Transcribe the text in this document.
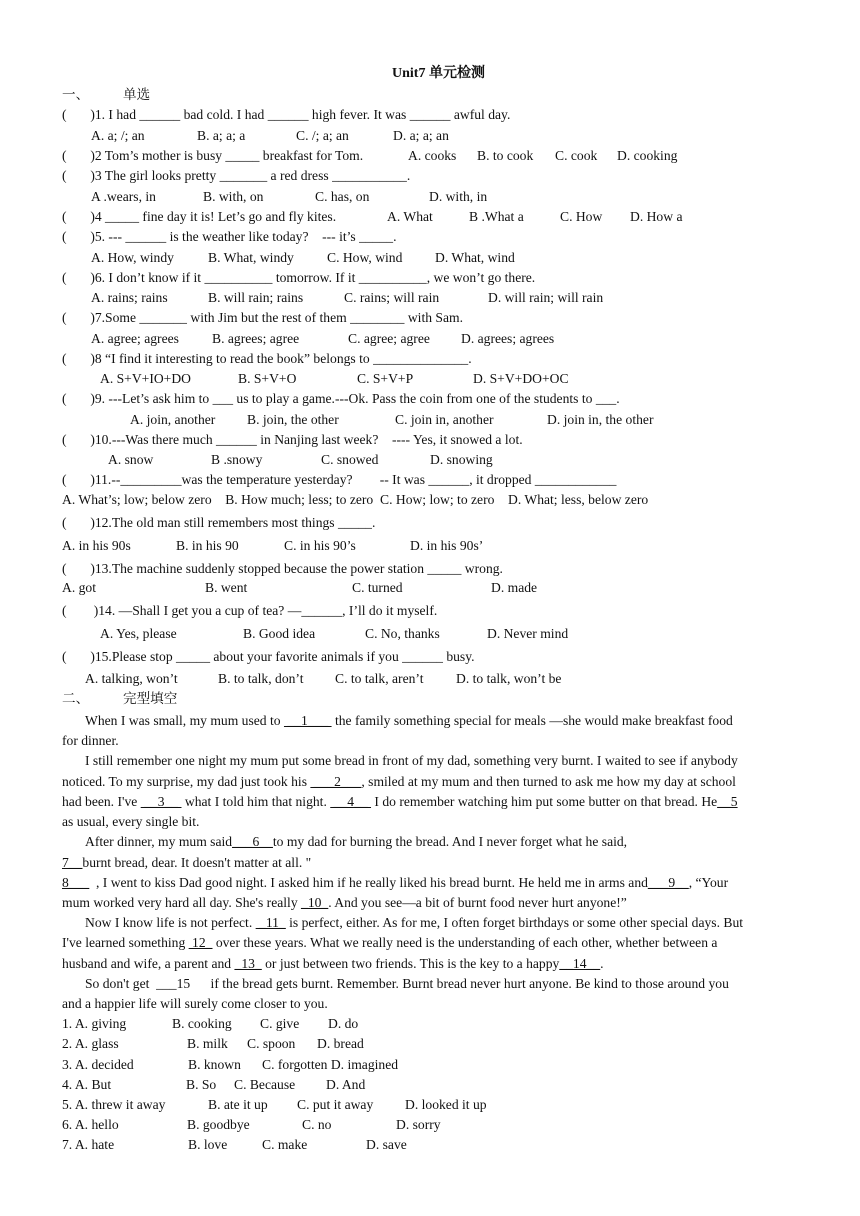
Unit7 单元检测
一、 单选
(       )1. I had ______ bad cold. I had ______ high fever. It was ______ awful day.
A. a; /; an	B. a; a; a	C. /; a; an	D. a; a; an
(       )2 Tom’s mother is busy _____ breakfast for Tom.	A. cooks B. to cook C. cook D. cooking
(       )3 The girl looks pretty _______ a red dress ___________.
A .wears, in	B. with, on	C. has, on	D. with, in
(       )4 _____ fine day it is! Let’s go and fly kites.	A. What	B .What a	C. How D. How a
(       )5. --- ______ is the weather like today?    --- it’s _____.
A. How, windy	B. What, windy C. How, wind D. What, wind
(       )6. I don’t know if it __________ tomorrow. If it __________, we won’t go there.
A. rains; rains	B. will rain; rains	C. rains; will rain	D. will rain; will rain
(       )7.Some _______ with Jim but the rest of them ________ with Sam.
A. agree; agrees B. agrees; agree	C. agree; agree D. agrees; agrees
(       )8 “I find it interesting to read the book” belongs to ______________.
A. S+V+IO+DO	B. S+V+O	C. S+V+P	D. S+V+DO+OC
(       )9. ---Let’s ask him to ___ us to play a game.---Ok. Pass the coin from one of the students to ___.
A. join, another B. join, the other	C. join in, another	D. join in, the other
(       )10.---Was there much ______ in Nanjing last week?    ---- Yes, it snowed a lot.
A. snow	B .snowy	C. snowed	D. snowing
(       )11.--_________was the temperature yesterday?        -- It was ______, it dropped ____________
A. What’s; low; below zero    B. How much; less; to zero  C. How; low; to zero    D. What; less, below zero
(       )12.The old man still remembers most things _____.
A. in his 90s	B. in his 90	C. in his 90’s	D. in his 90s’
(       )13.The machine suddenly stopped because the power station _____ wrong.
A. got	B. went	C. turned	D. made
(        )14. —Shall I get you a cup of tea? —______, I’ll do it myself.
A. Yes, please	B. Good idea	C. No, thanks	D. Never mind
(       )15.Please stop _____ about your favorite animals if you ______ busy.
A. talking, won’t	B. to talk, don’t C. to talk, aren’t D. to talk, won’t be
二、 完型填空
When I was small, my mum used to  __1___  the family something special for meals —she would make breakfast food
for dinner.
I still remember one night my mum put some bread in front of my dad, something very burnt. I waited to see if anybody
noticed. To my surprise, my dad just took his  ___2___, smiled at my mum and then turned to ask me how my day at school
had been. I've  __3__  what I told him that night.  __4__  I do remember watching him put some butter on that bread. He__5
as usual, every single bit.
After dinner, my mum said___6__to my dad for burning the bread. And I never forget what he said,
7__burnt bread, dear. It doesn't matter at all. "
8___  , I went to kiss Dad good night. I asked him if he really liked his bread burnt. He held me in arms and___9__, “Your
mum worked very hard all day. She's really _10_. And you see—a bit of burnt food never hurt anyone!”
Now I know life is not perfect.  _11_ is perfect, either. As for me, I often forget birthdays or some other special days. But
I've learned something  12_ over these years. What we really need is the understanding of each other, whether between a
husband and wife, a parent and _13_ or just between two friends. This is the key to a happy__14__.
So don't get  ___15      if the bread gets burnt. Remember. Burnt bread never hurt anyone. Be kind to those around you
and a happier life will surely come closer to you.
1. A. giving	B. cooking C. give D. do
2. A. glass	B. milk C. spoon D. bread
3. A. decided	B. known C. forgotten D. imagined
4. A. But	B. So C. Because D. And
5. A. threw it away	B. ate it up C. put it away D. looked it up
6. A. hello	B. goodbye	C. no	D. sorry
7. A. hate	B. love	C. make	D. save
